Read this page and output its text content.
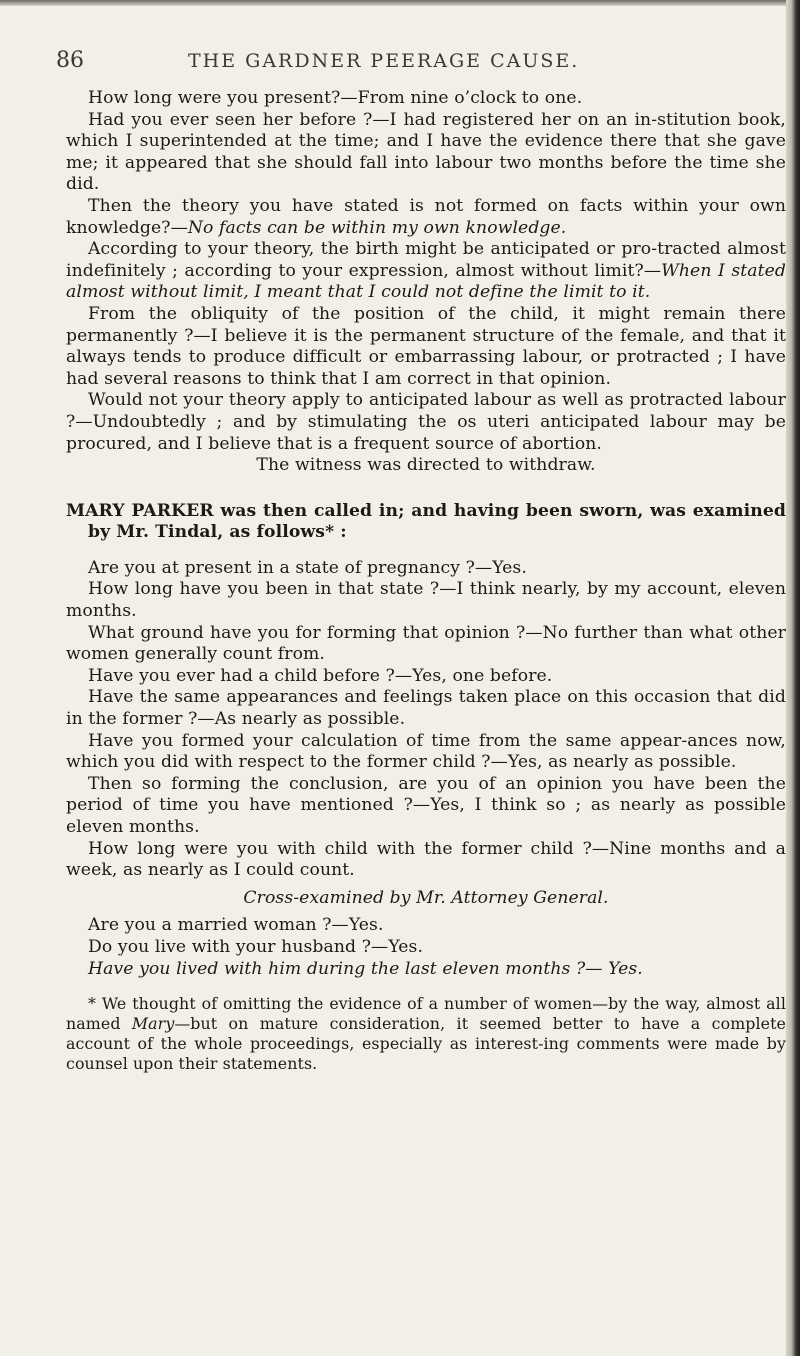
86	THE GARDNER PEERAGE CAUSE.

How long were you present?—From nine o’clock to one.

Had you ever seen her before ?—I had registered her on an in-stitution book, which I superintended at the time; and I have the evidence there that she gave me; it appeared that she should fall into labour two months before the time she did.

Then the theory you have stated is not formed on facts within your own knowledge?—No facts can be within my own knowledge.

According to your theory, the birth might be anticipated or pro-tracted almost indefinitely ; according to your expression, almost without limit?—When I stated almost without limit, I meant that I could not define the limit to it.

From the obliquity of the position of the child, it might remain there permanently ?—I believe it is the permanent structure of the female, and that it always tends to produce difficult or embarrassing labour, or protracted ; I have had several reasons to think that I am correct in that opinion.

Would not your theory apply to anticipated labour as well as protracted labour ?—Undoubtedly ; and by stimulating the os uteri anticipated labour may be procured, and I believe that is a frequent source of abortion.

The witness was directed to withdraw.

MARY PARKER was then called in; and having been sworn, was examined by Mr. Tindal, as follows* :

Are you at present in a state of pregnancy ?—Yes.

How long have you been in that state ?—I think nearly, by my account, eleven months.

What ground have you for forming that opinion ?—No further than what other women generally count from.

Have you ever had a child before ?—Yes, one before.

Have the same appearances and feelings taken place on this occasion that did in the former ?—As nearly as possible.

Have you formed your calculation of time from the same appear-ances now, which you did with respect to the former child ?—Yes, as nearly as possible.

Then so forming the conclusion, are you of an opinion you have been the period of time you have mentioned ?—Yes, I think so ; as nearly as possible eleven months.

How long were you with child with the former child ?—Nine months and a week, as nearly as I could count.

Cross-examined by Mr. Attorney General.

Are you a married woman ?—Yes.

Do you live with your husband ?—Yes.

Have you lived with him during the last eleven months ?— Yes.

* We thought of omitting the evidence of a number of women—by the way, almost all named Mary—but on mature consideration, it seemed better to have a complete account of the whole proceedings, especially as interest-ing comments were made by counsel upon their statements.
